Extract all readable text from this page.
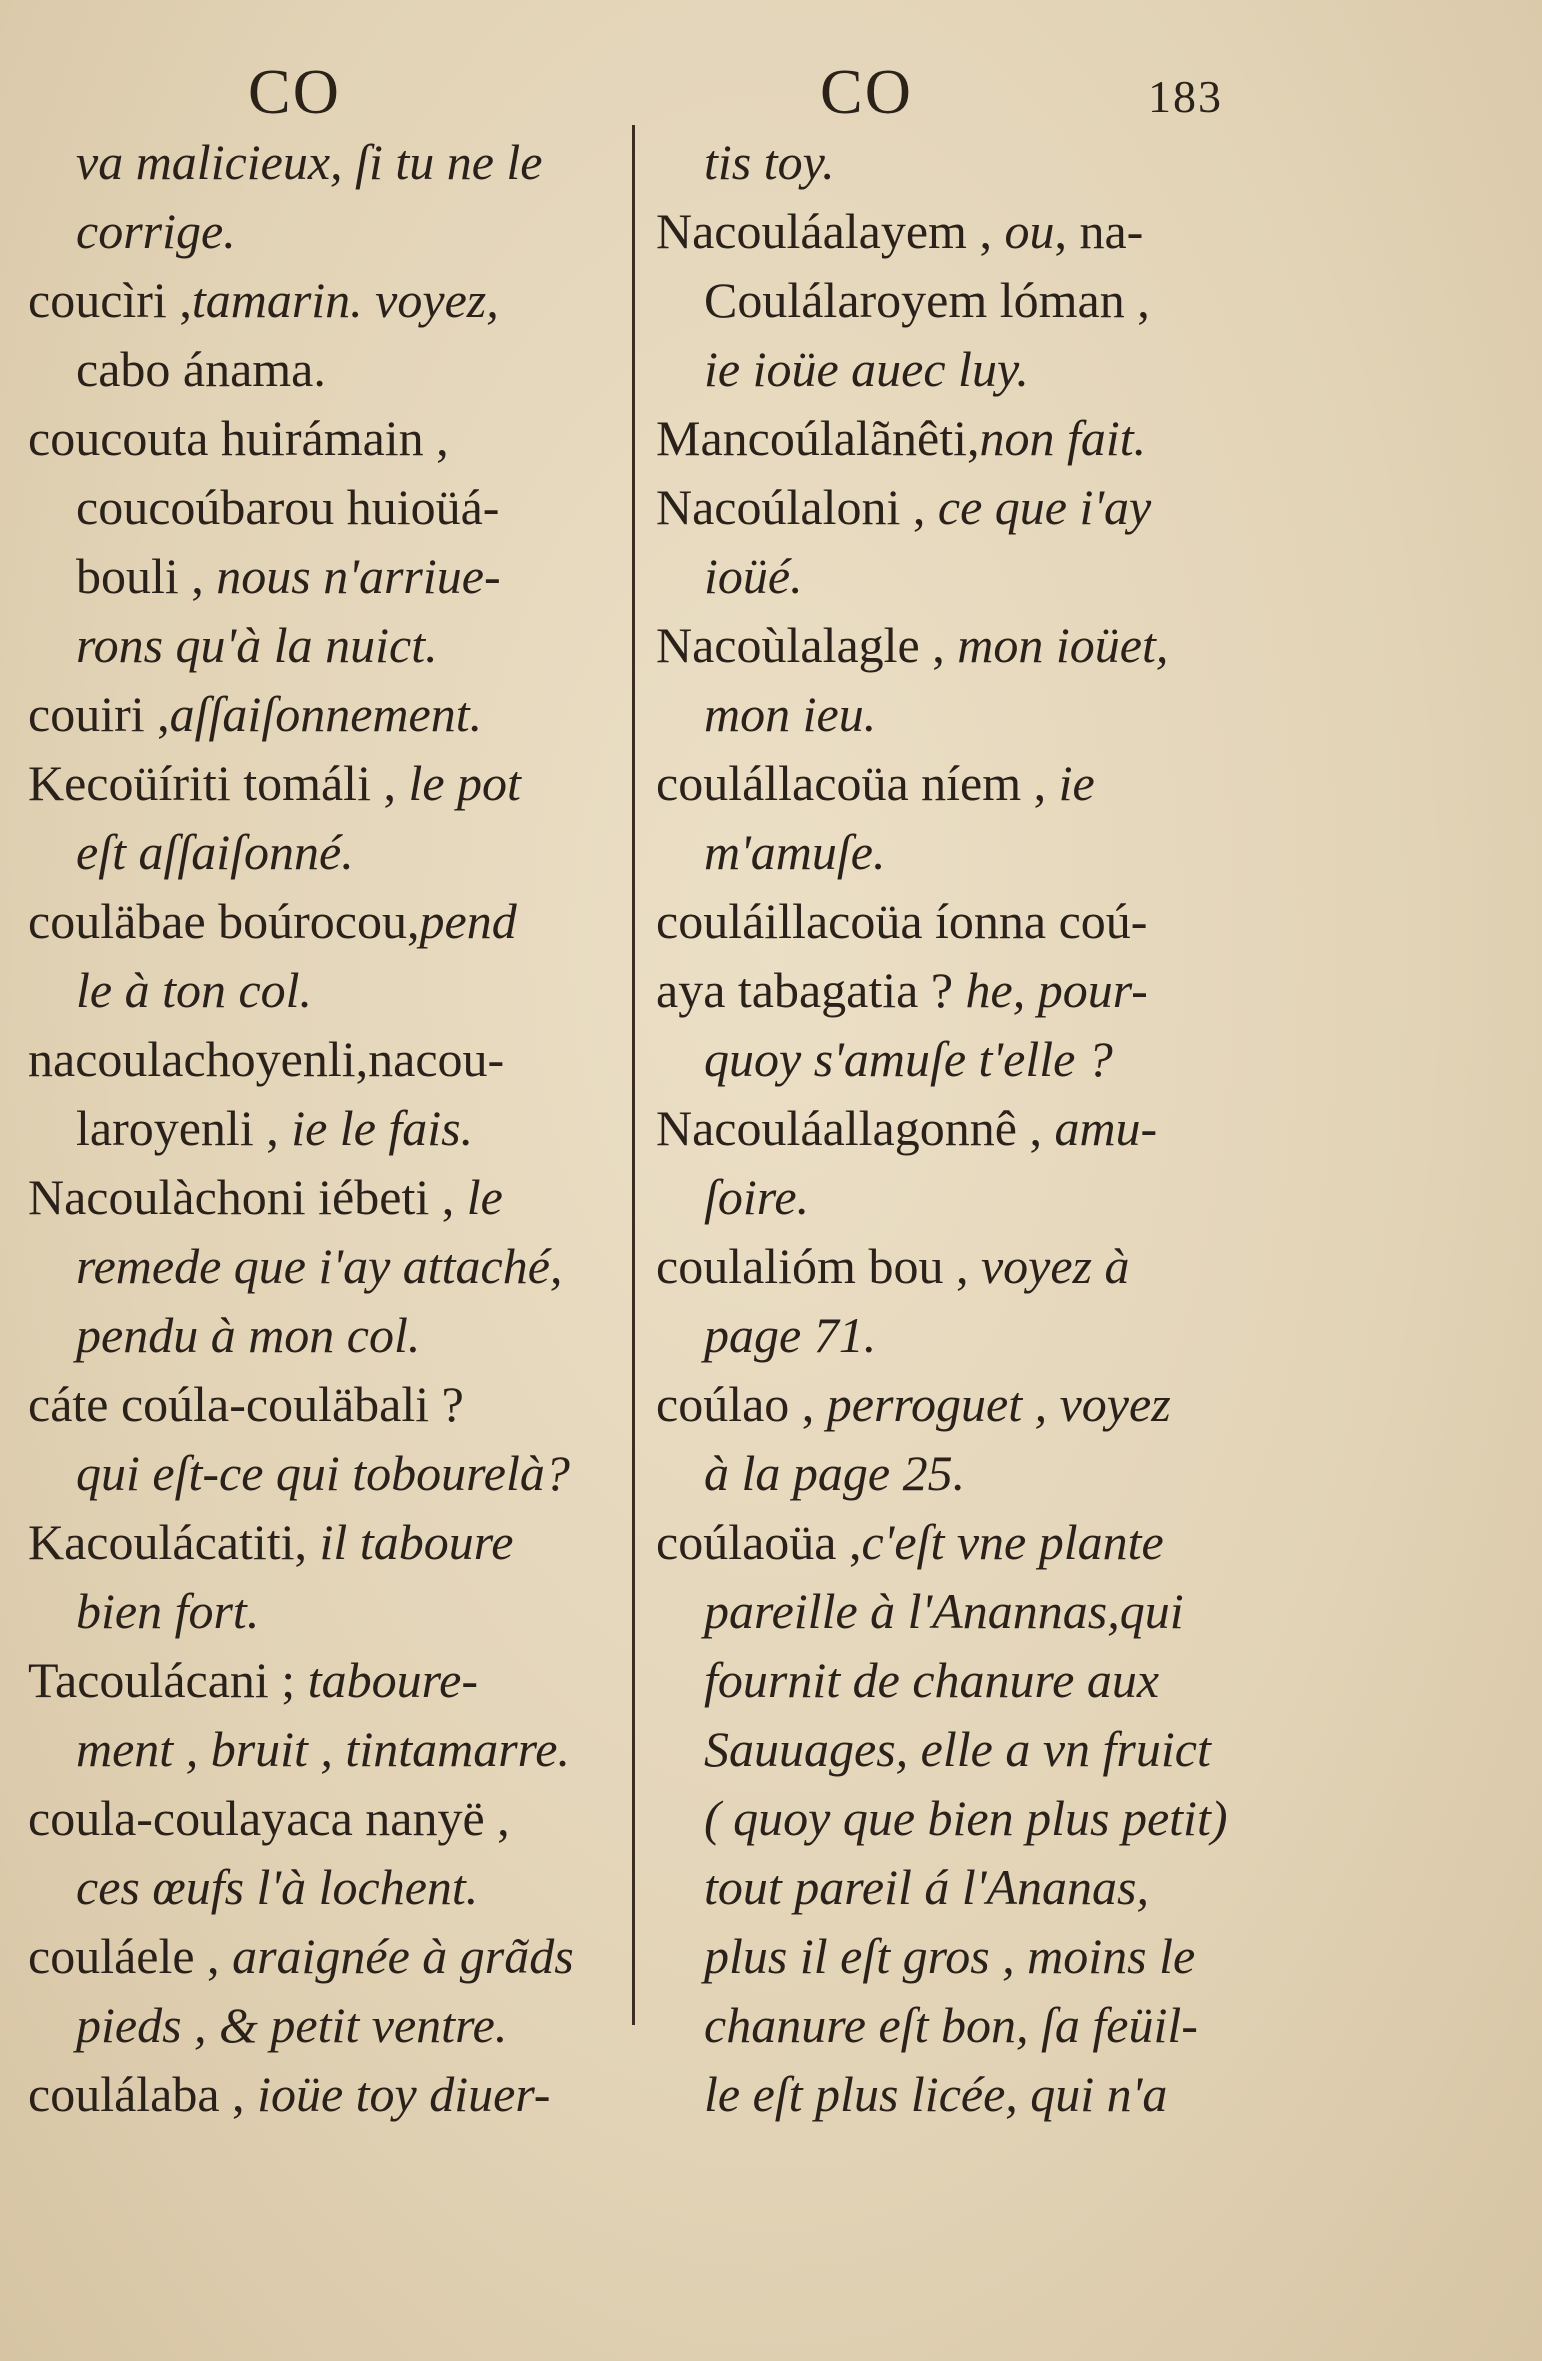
CO	CO	183
va malicieux, ſi tu ne le
corrige.
coucìri ,tamarin. voyez,
cabo ánama.
coucouta huirámain ,
coucoúbarou huioüá-
bouli , nous n'arriue-
rons qu'à la nuict.
couiri ,aſſaiſonnement.
Kecoüíriti tomáli , le pot
eſt aſſaiſonné.
couläbae boúrocou,pend
le à ton col.
nacoulachoyenli,nacou-
laroyenli , ie le fais.
Nacoulàchoni iébeti , le
remede que i'ay attaché,
pendu à mon col.
cáte coúla-couläbali ?
qui eſt-ce qui tobourelà?
Kacoulácatiti, il taboure
bien fort.
Tacoulácani ; taboure-
ment , bruit , tintamarre.
coula-coulayaca nanyë ,
ces œufs l'à lochent.
couláele , araignée à grãds
pieds , & petit ventre.
coulálaba , ioüe toy diuer-
tis toy.
Nacouláalayem , ou, na-
Coulálaroyem lóman ,
ie ioüe auec luy.
Mancoúlalãnêti,non fait.
Nacoúlaloni , ce que i'ay
ioüé.
Nacoùlalagle , mon ioüet,
mon ieu.
coulállacoüa níem , ie
m'amuſe.
couláillacoüa íonna coú-
aya tabagatia ? he, pour-
quoy s'amuſe t'elle ?
Nacouláallagonnê , amu-
ſoire.
coulalióm bou , voyez à
page 71.
coúlao , perroguet , voyez
à la page 25.
coúlaoüa ,c'eſt vne plante
pareille à l'Anannas,qui
fournit de chanure aux
Sauuages, elle a vn fruict
( quoy que bien plus petit)
tout pareil á l'Ananas,
plus il eſt gros , moins le
chanure eſt bon, ſa feüil-
le eſt plus licée, qui n'a
